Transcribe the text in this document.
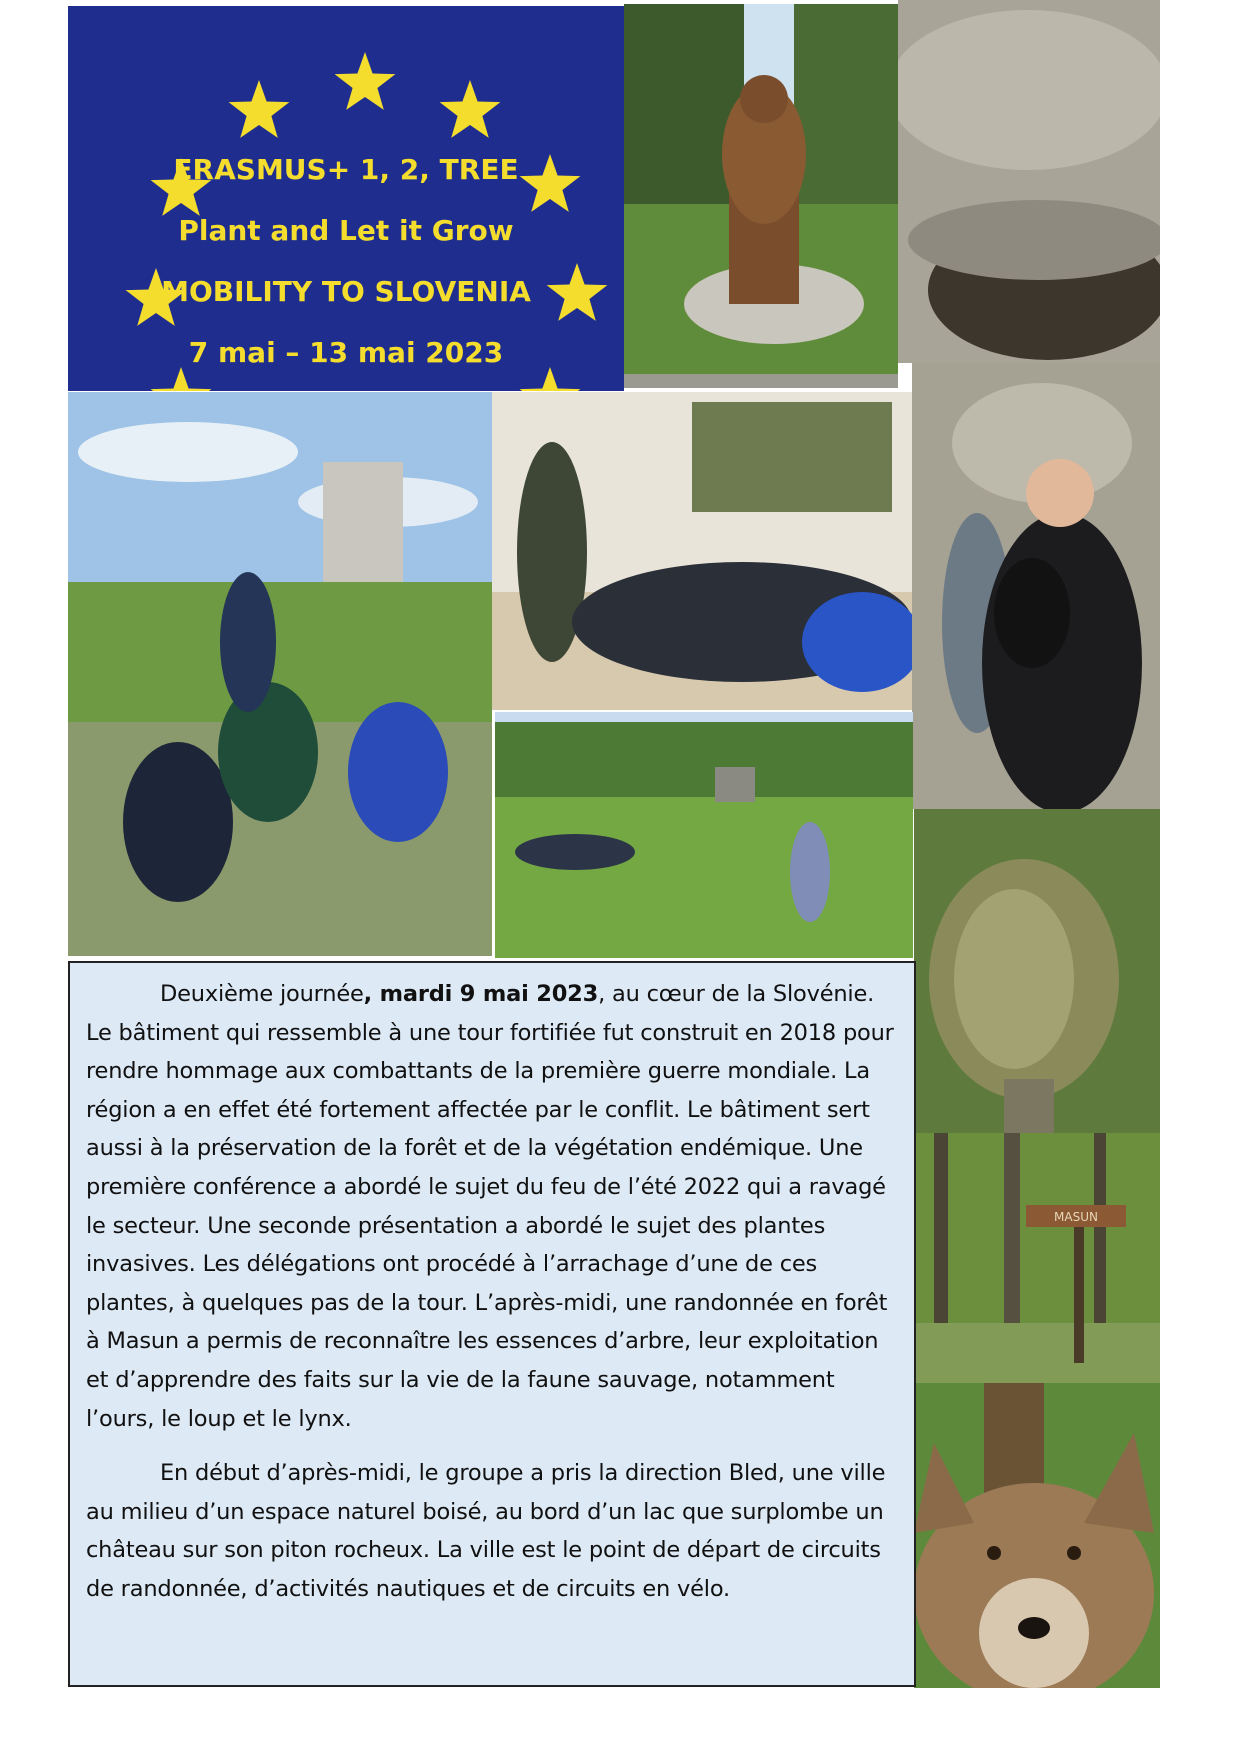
ERASMUS+ 1, 2, TREE
Plant and Let it Grow
MOBILITY TO SLOVENIA
7 mai – 13 mai 2023
MASUN

Deuxième journée, mardi 9 mai 2023, au cœur de la Slovénie. Le bâtiment qui ressemble à une tour fortifiée fut construit en 2018 pour rendre hommage aux combattants de la première guerre mondiale. La région a en effet été fortement affectée par le conflit. Le bâtiment sert aussi à la préservation de la forêt et de la végétation endémique. Une première conférence a abordé le sujet du feu de l’été 2022 qui a ravagé le secteur. Une seconde présentation a abordé le sujet des plantes invasives. Les délégations ont procédé à l’arrachage d’une de ces plantes, à quelques pas de la tour. L’après-midi, une randonnée en forêt à Masun a permis de reconnaître les essences d’arbre, leur exploitation et d’apprendre des faits sur la vie de la faune sauvage, notamment l’ours, le loup et le lynx.

En début d’après-midi, le groupe a pris la direction Bled, une ville au milieu d’un espace naturel boisé, au bord d’un lac que surplombe un château sur son piton rocheux. La ville est le point de départ de circuits de randonnée, d’activités nautiques et de circuits en vélo.
